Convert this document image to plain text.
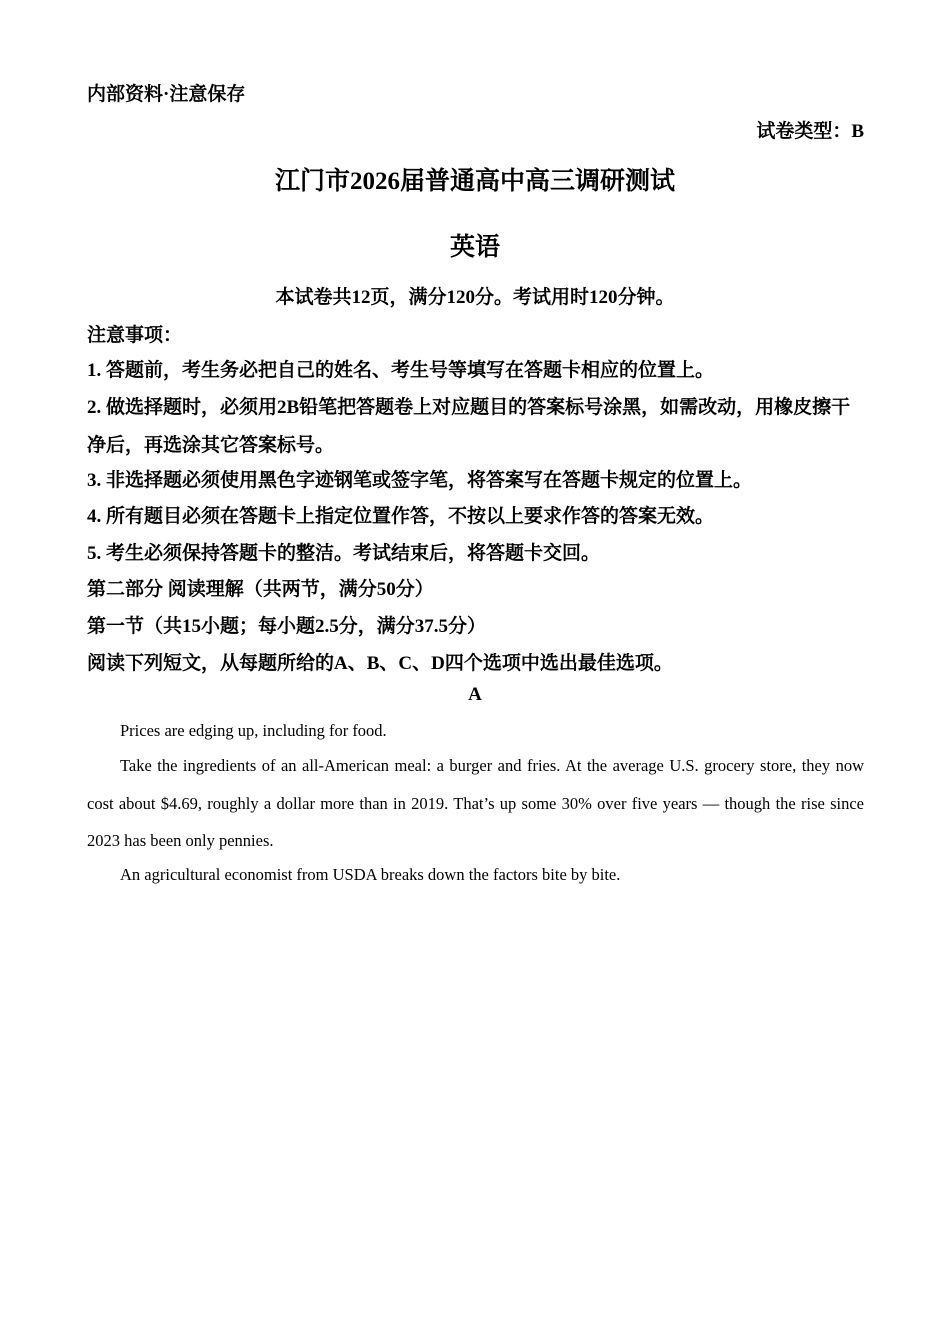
内部资料·注意保存
试卷类型：B
江门市2026届普通高中高三调研测试
英语
本试卷共12页，满分120分。考试用时120分钟。
注意事项：
1. 答题前，考生务必把自己的姓名、考生号等填写在答题卡相应的位置上。
2. 做选择题时，必须用2B铅笔把答题卷上对应题目的答案标号涂黑，如需改动，用橡皮擦干
净后，再选涂其它答案标号。
3. 非选择题必须使用黑色字迹钢笔或签字笔，将答案写在答题卡规定的位置上。
4. 所有题目必须在答题卡上指定位置作答，不按以上要求作答的答案无效。
5. 考生必须保持答题卡的整洁。考试结束后，将答题卡交回。
第二部分 阅读理解（共两节，满分50分）
第一节（共15小题；每小题2.5分，满分37.5分）
阅读下列短文，从每题所给的A、B、C、D四个选项中选出最佳选项。
A
Prices are edging up, including for food.
Take the ingredients of an all-American meal: a burger and fries. At the average U.S. grocery store, they now
cost about $4.69, roughly a dollar more than in 2019. That’s up some 30% over five years — though the rise since
2023 has been only pennies.
An agricultural economist from USDA breaks down the factors bite by bite.
